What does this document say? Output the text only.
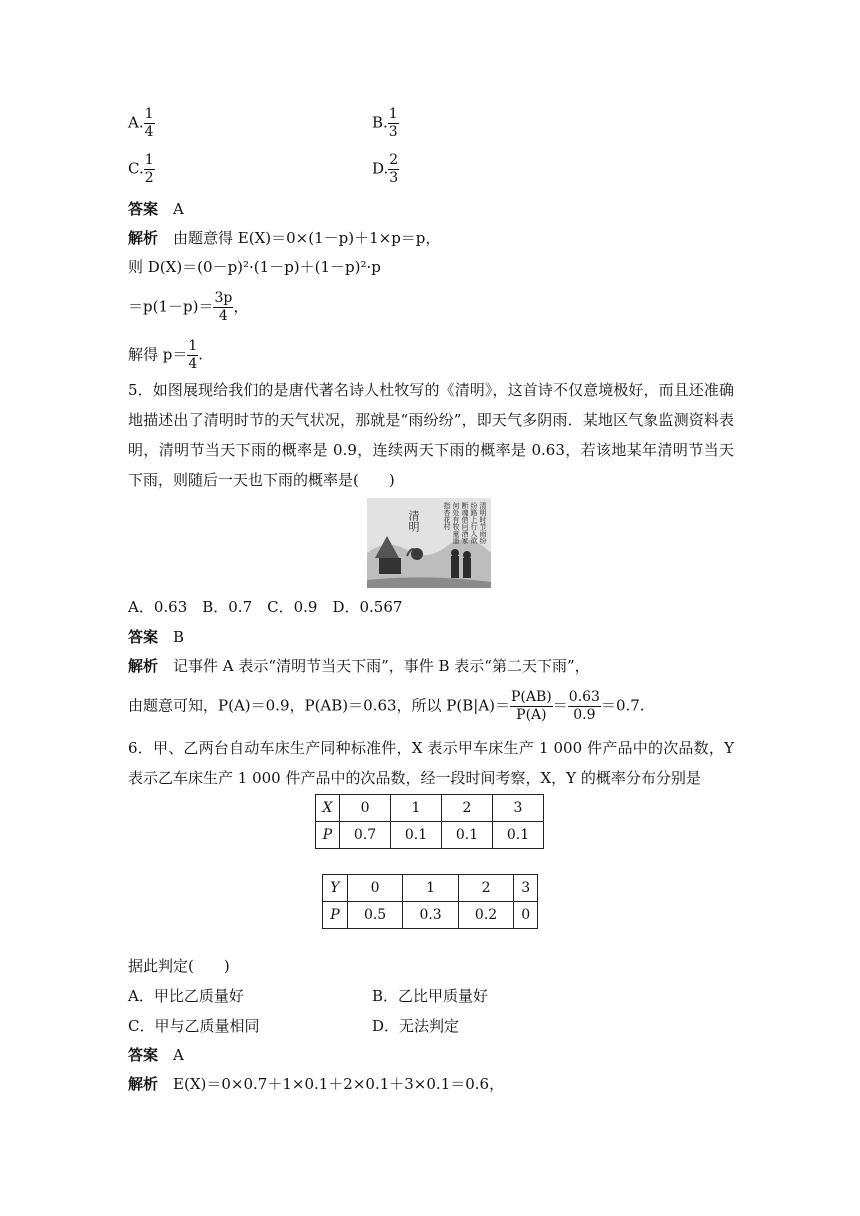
A. $\frac{1}{4}$	B. $\frac{1}{3}$
C. $\frac{1}{2}$	D. $\frac{2}{3}$
答案　 A
解析　 由题意得 E(X)＝0×(1－p)＋1×p＝p，
则 D(X)＝(0－p)²·(1－p)＋(1－p)²·p
$=p(1-p)= \frac{3p}{4}$ ，
解得 $p= \frac{1}{4}$ .
5．如图展现给我们的是唐代著名诗人杜牧写的《清明》，这首诗不仅意境极好，而且还准确地描述出了清明时节的天气状况，那就是“雨纷纷”，即天气多阴雨．某地区气象监测资料表明，清明节当天下雨的概率是 0.9，连续两天下雨的概率是 0.63，若该地某年清明节当天下雨，则随后一天也下雨的概率是(　　)
清明	清明时节雨纷纷路上行人欲断魂借问酒家何处有牧童遥指杏花村
A．0.63　B．0.7　C．0.9　D．0.567
答案　 B
解析　 记事件 A 表示“清明节当天下雨”，事件 B 表示“第二天下雨”，
由题意可知，P(A)＝0.9，P(AB)＝0.63，所以 $P(B|A)= \frac{P(AB)}{P(A)} = \frac{0.63}{0.9} =0.7$.
6．甲、乙两台自动车床生产同种标准件，X 表示甲车床生产 1 000 件产品中的次品数，Y 表示乙车床生产 1 000 件产品中的次品数，经一段时间考察，X，Y 的概率分布分别是
X	0	1	2	3
P	0.7	0.1	0.1	0.1
Y	0	1	2	3
P	0.5	0.3	0.2	0
据此判定(　　)
A．甲比乙质量好	B．乙比甲质量好
C．甲与乙质量相同	D．无法判定
答案　 A
解析　 E(X)＝0×0.7＋1×0.1＋2×0.1＋3×0.1＝0.6，
